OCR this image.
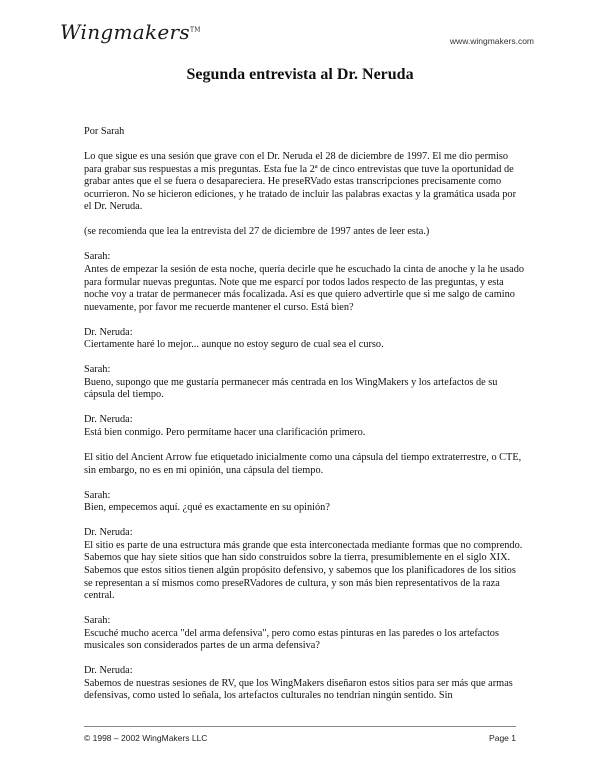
Wingmakers™
www.wingmakers.com
Segunda entrevista al Dr. Neruda

Por Sarah

Lo que sigue es una sesión que grave con el Dr. Neruda el 28 de diciembre de 1997. El me dio permiso para grabar sus respuestas a mis preguntas. Esta fue la 2ª de cinco entrevistas que tuve la oportunidad de grabar antes que el se fuera o desapareciera. He preseRVado estas transcripciones precisamente como ocurrieron. No se hicieron ediciones, y he tratado de incluir las palabras exactas y la gramática usada por el Dr. Neruda.

(se recomienda que lea la entrevista del 27 de diciembre de 1997 antes de leer esta.)

Sarah:
Antes de empezar la sesión de esta noche, quería decirle que he escuchado la cinta de anoche y la he usado para formular nuevas preguntas. Note que me esparcí por todos lados respecto de las preguntas, y esta noche voy a tratar de permanecer más focalizada. Así es que quiero advertirle que si me salgo de camino nuevamente, por favor me recuerde mantener el curso. Está bien?

Dr. Neruda:
Ciertamente haré lo mejor... aunque no estoy seguro de cual sea el curso.

Sarah:
Bueno, supongo que me gustaría permanecer más centrada en los WingMakers y los artefactos de su cápsula del tiempo.

Dr. Neruda:
Está bien conmigo. Pero permítame hacer una clarificación primero.

El sitio del Ancient Arrow fue etiquetado inicialmente como una cápsula del tiempo extraterrestre, o CTE, sin embargo, no es en mi opinión, una cápsula del tiempo.

Sarah:
Bien, empecemos aquí. ¿qué es exactamente en su opinión?

Dr. Neruda:
El sitio es parte de una estructura más grande que esta interconectada mediante formas que no comprendo. Sabemos que hay siete sitios que han sido construidos sobre la tierra, presumiblemente en el siglo XIX. Sabemos que estos sitios tienen algún propósito defensivo, y sabemos que los planificadores de los sitios se representan a sí mismos como preseRVadores de cultura, y son más bien representativos de la raza central.

Sarah:
Escuché mucho acerca "del arma defensiva", pero como estas pinturas en las paredes o los artefactos musicales son considerados partes de un arma defensiva?

Dr. Neruda:
Sabemos de nuestras sesiones de RV, que los WingMakers diseñaron estos sitios para ser más que armas defensivas, como usted lo señala, los artefactos culturales no tendrían ningún sentido. Sin

© 1998 – 2002 WingMakers LLC	Page 1
